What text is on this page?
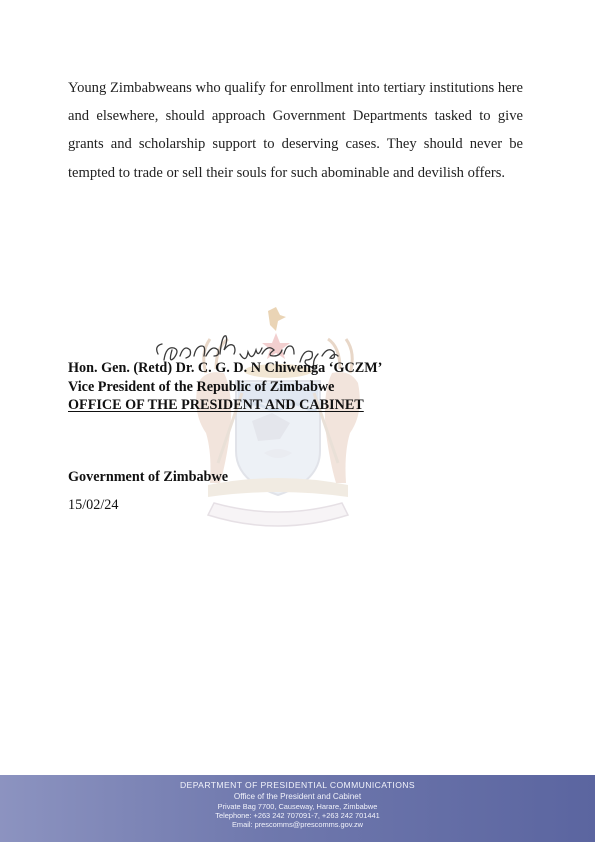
Young Zimbabweans who qualify for enrollment into tertiary institutions here and elsewhere, should approach Government Departments tasked to give grants and scholarship support to deserving cases. They should never be tempted to trade or sell their souls for such abominable and devilish offers.

Hon. Gen. (Retd) Dr. C. G. D. N Chiwenga ‘GCZM’
Vice President of the Republic of Zimbabwe
OFFICE OF THE PRESIDENT AND CABINET
Government of Zimbabwe
15/02/24
DEPARTMENT OF PRESIDENTIAL COMMUNICATIONS
Office of the President and Cabinet
Private Bag 7700, Causeway, Harare, Zimbabwe
Telephone: +263 242 707091-7, +263 242 701441
Email: prescomms@prescomms.gov.zw
